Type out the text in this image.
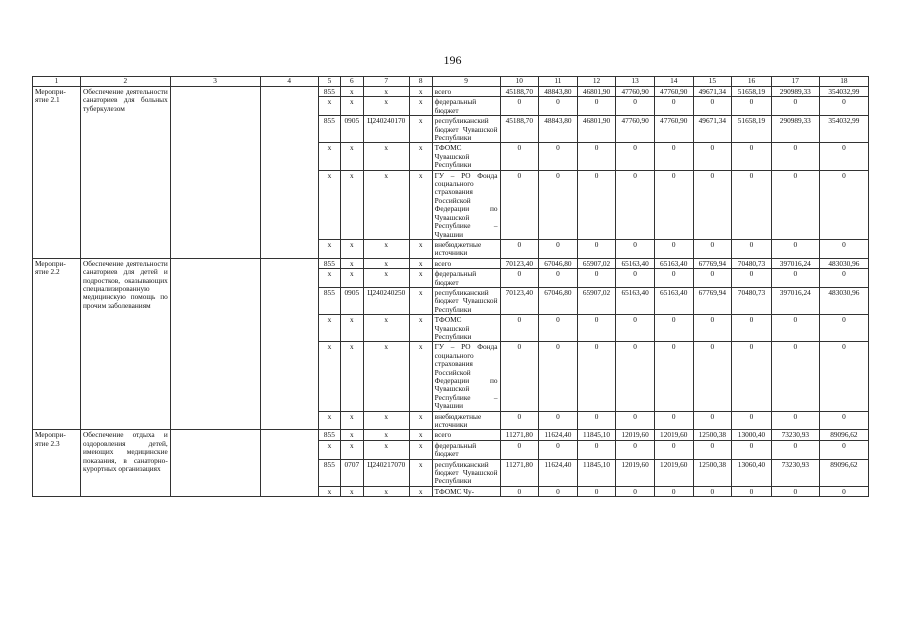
196
1	2	3	4	5	6	7	8	9	10	11	12	13	14	15	16	17	18

Меропри-
ятие 2.1	Обеспечение деятельности санаториев для больных туберкулезом			855	x	x	x	всего	45188,70	48843,80	46801,90	47760,90	47760,90	49671,34	51658,19	290989,33	354032,99
				x	x	x	x	федеральный бюджет	0	0	0	0	0	0	0	0	0
				855	0905	Ц240240170	x	республиканский бюджет Чувашской Республики	45188,70	48843,80	46801,90	47760,90	47760,90	49671,34	51658,19	290989,33	354032,99
				x	x	x	x	ТФОМС Чувашской Республики	0	0	0	0	0	0	0	0	0
				x	x	x	x	ГУ – РО Фонда социального страхования Российской Федерации по Чувашской Республике – Чувашии	0	0	0	0	0	0	0	0	0
				x	x	x	x	внебюджетные источники	0	0	0	0	0	0	0	0	0

Меропри-
ятие 2.2	Обеспечение деятельности санаториев для детей и подростков, оказывающих специализированную медицинскую помощь по прочим заболеваниям			855	x	x	x	всего	70123,40	67046,80	65907,02	65163,40	65163,40	67769,94	70480,73	397016,24	483030,96
				x	x	x	x	федеральный бюджет	0	0	0	0	0	0	0	0	0
				855	0905	Ц240240250	x	республиканский бюджет Чувашской Республики	70123,40	67046,80	65907,02	65163,40	65163,40	67769,94	70480,73	397016,24	483030,96
				x	x	x	x	ТФОМС Чувашской Республики	0	0	0	0	0	0	0	0	0
				x	x	x	x	ГУ – РО Фонда социального страхования Российской Федерации по Чувашской Республике – Чувашии	0	0	0	0	0	0	0	0	0
				x	x	x	x	внебюджетные источники	0	0	0	0	0	0	0	0	0

Меропри-
ятие 2.3	Обеспечение отдыха и оздоровления детей, имеющих медицинские показания, в санаторно-курортных организациях			855	x	x	x	всего	11271,80	11624,40	11845,10	12019,60	12019,60	12500,38	13000,40	73230,93	89096,62
				x	x	x	x	федеральный бюджет	0	0	0	0	0	0	0	0	0
				855	0707	Ц240217070	x	республиканский бюджет Чувашской Республики	11271,80	11624,40	11845,10	12019,60	12019,60	12500,38	13060,40	73230,93	89096,62
				x	x	x	x	ТФОМС Чу-	0	0	0	0	0	0	0	0	0
